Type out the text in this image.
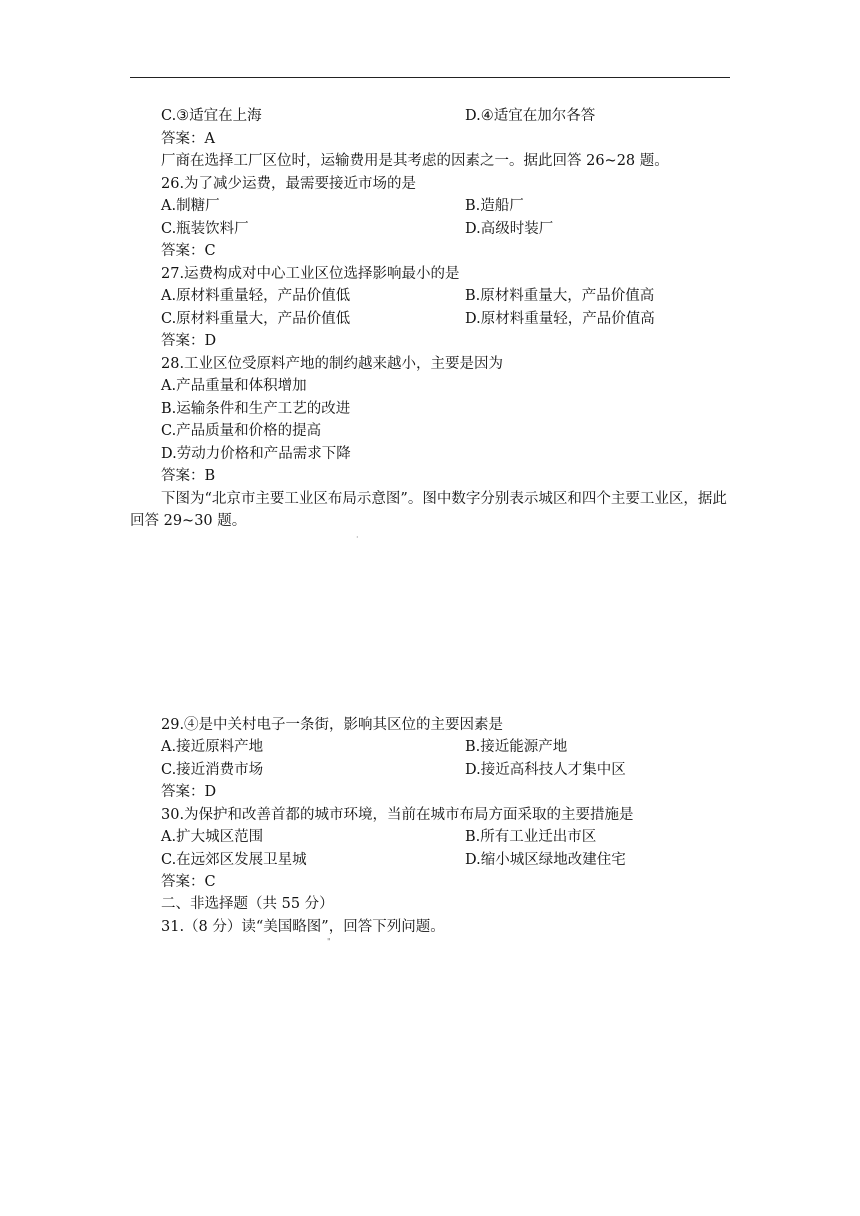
C.③适宜在上海	D.④适宜在加尔各答
答案：A
厂商在选择工厂区位时，运输费用是其考虑的因素之一。据此回答 26~28 题。
26.为了减少运费，最需要接近市场的是
A.制糖厂	B.造船厂
C.瓶装饮料厂	D.高级时装厂
答案：C
27.运费构成对中心工业区位选择影响最小的是
A.原材料重量轻，产品价值低	B.原材料重量大，产品价值高
C.原材料重量大，产品价值低	D.原材料重量轻，产品价值高
答案：D
28.工业区位受原料产地的制约越来越小，主要是因为
A.产品重量和体积增加
B.运输条件和生产工艺的改进
C.产品质量和价格的提高
D.劳动力价格和产品需求下降
答案：B
下图为“北京市主要工业区布局示意图”。图中数字分别表示城区和四个主要工业区，据此回答 29~30 题。
·
29.④是中关村电子一条街，影响其区位的主要因素是
A.接近原料产地	B.接近能源产地
C.接近消费市场	D.接近高科技人才集中区
答案：D
30.为保护和改善首都的城市环境，当前在城市布局方面采取的主要措施是
A.扩大城区范围	B.所有工业迁出市区
C.在远郊区发展卫星城	D.缩小城区绿地改建住宅
答案：C
二、非选择题（共 55 分）
31.（8 分）读“美国略图”，回答下列问题。
"
